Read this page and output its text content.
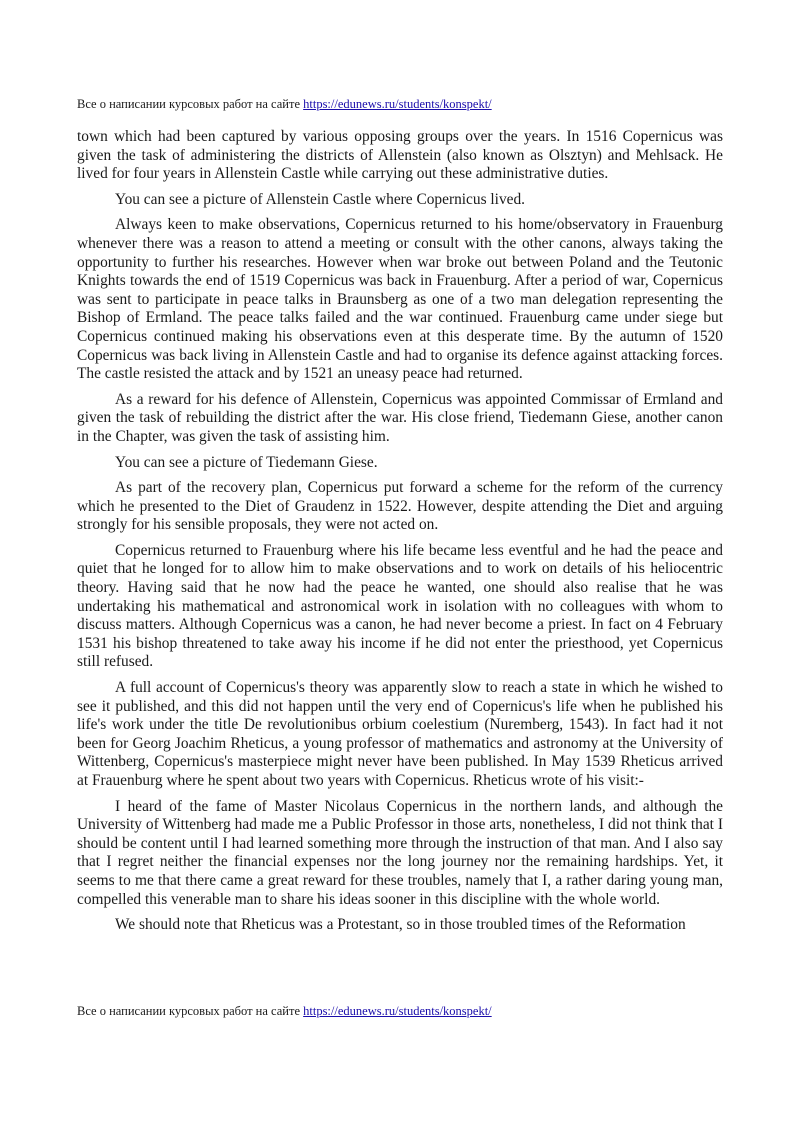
Все о написании курсовых работ на сайте https://edunews.ru/students/konspekt/

town which had been captured by various opposing groups over the years. In 1516 Copernicus was given the task of administering the districts of Allenstein (also known as Olsztyn) and Mehlsack. He lived for four years in Allenstein Castle while carrying out these administrative duties.

You can see a picture of Allenstein Castle where Copernicus lived.

Always keen to make observations, Copernicus returned to his home/observatory in Frauenburg whenever there was a reason to attend a meeting or consult with the other canons, always taking the opportunity to further his researches. However when war broke out between Poland and the Teutonic Knights towards the end of 1519 Copernicus was back in Frauenburg. After a period of war, Copernicus was sent to participate in peace talks in Braunsberg as one of a two man delegation representing the Bishop of Ermland. The peace talks failed and the war continued. Frauenburg came under siege but Copernicus continued making his observations even at this desperate time. By the autumn of 1520 Copernicus was back living in Allenstein Castle and had to organise its defence against attacking forces. The castle resisted the attack and by 1521 an uneasy peace had returned.

As a reward for his defence of Allenstein, Copernicus was appointed Commissar of Ermland and given the task of rebuilding the district after the war. His close friend, Tiedemann Giese, another canon in the Chapter, was given the task of assisting him.

You can see a picture of Tiedemann Giese.

As part of the recovery plan, Copernicus put forward a scheme for the reform of the currency which he presented to the Diet of Graudenz in 1522. However, despite attending the Diet and arguing strongly for his sensible proposals, they were not acted on.

Copernicus returned to Frauenburg where his life became less eventful and he had the peace and quiet that he longed for to allow him to make observations and to work on details of his heliocentric theory. Having said that he now had the peace he wanted, one should also realise that he was undertaking his mathematical and astronomical work in isolation with no colleagues with whom to discuss matters. Although Copernicus was a canon, he had never become a priest. In fact on 4 February 1531 his bishop threatened to take away his income if he did not enter the priesthood, yet Copernicus still refused.

A full account of Copernicus's theory was apparently slow to reach a state in which he wished to see it published, and this did not happen until the very end of Copernicus's life when he published his life's work under the title De revolutionibus orbium coelestium (Nuremberg, 1543). In fact had it not been for Georg Joachim Rheticus, a young professor of mathematics and astronomy at the University of Wittenberg, Copernicus's masterpiece might never have been published. In May 1539 Rheticus arrived at Frauenburg where he spent about two years with Copernicus. Rheticus wrote of his visit:-

I heard of the fame of Master Nicolaus Copernicus in the northern lands, and although the University of Wittenberg had made me a Public Professor in those arts, nonetheless, I did not think that I should be content until I had learned something more through the instruction of that man. And I also say that I regret neither the financial expenses nor the long journey nor the remaining hardships. Yet, it seems to me that there came a great reward for these troubles, namely that I, a rather daring young man, compelled this venerable man to share his ideas sooner in this discipline with the whole world.

We should note that Rheticus was a Protestant, so in those troubled times of the Reformation

Все о написании курсовых работ на сайте https://edunews.ru/students/konspekt/
